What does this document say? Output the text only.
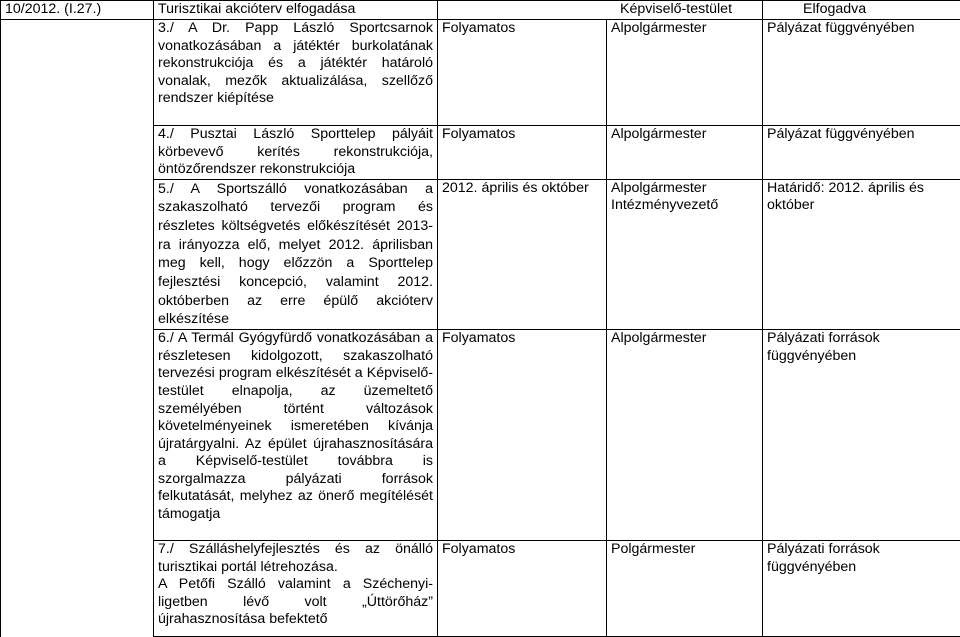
10/2012. (I.27.)	Turisztikai akcióterv elfogadása	Képviselő-testület		Elfogadva
	3./ A Dr. Papp László Sportcsarnok vonatkozásában a játéktér burkolatának rekonstrukciója és a játéktér határoló vonalak, mezők aktualizálása, szellőző rendszer kiépítése	Folyamatos	Alpolgármester	Pályázat függvényében
	4./ Pusztai László Sporttelep pályáit körbevevő kerítés rekonstrukciója, öntözőrendszer rekonstrukciója	Folyamatos	Alpolgármester	Pályázat függvényében
	5./ A Sportszálló vonatkozásában a szakaszolható tervezői program és részletes költségvetés előkészítését 2013-ra irányozza elő, melyet 2012. áprilisban meg kell, hogy előzzön a Sporttelep fejlesztési koncepció, valamint 2012. októberben az erre épülő akcióterv elkészítése	2012. április és október	Alpolgármester
Intézményvezető	Határidő: 2012. április és október
	6./ A Termál Gyógyfürdő vonatkozásában a részletesen kidolgozott, szakaszolható tervezési program elkészítését a Képviselő-testület elnapolja, az üzemeltető személyében történt változások követelményeinek ismeretében kívánja újratárgyalni. Az épület újrahasznosítására a Képviselő-testület továbbra is szorgalmazza pályázati források felkutatását, melyhez az önerő megítélését támogatja	Folyamatos	Alpolgármester	Pályázati források függvényében
	7./ Szálláshelyfejlesztés és az önálló turisztikai portál létrehozása.
A Petőfi Szálló valamint a Széchenyi-ligetben lévő volt „Úttörőház” újrahasznosítása befektető	Folyamatos	Polgármester	Pályázati források függvényében
